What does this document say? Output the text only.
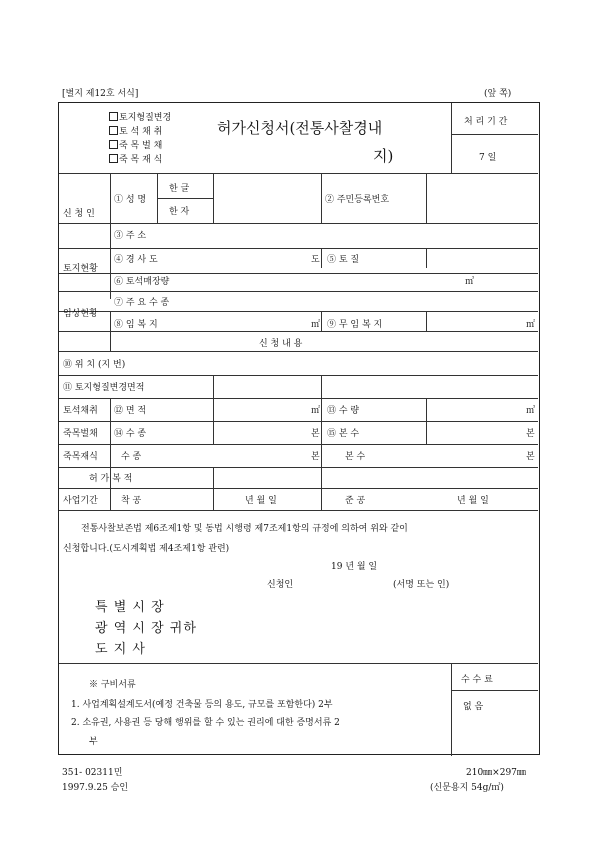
[별지 제12호 서식]	(앞 쪽)
토지형질변경
토 석 채 취
죽 목 벌 채
죽 목 재 식
허가신청서(전통사찰경내
지)
처 리 기 간
7 일
신 청 인
① 성 명
한 글
한 자
② 주민등록번호
③ 주 소
토지현황
④ 경 사 도	도 ⑤ 토 질
⑥ 토석매장량	㎥
임상현황
⑦ 주 요 수 종
⑧ 임 복 지	㎡ ⑨ 무 임 복 지	㎡
신 청 내 용
⑩ 위 치 (지 번)
⑪ 토지형질변경면적
토석채취 ⑫ 면 적	㎡ ⑬ 수 량	㎥
죽목벌채 ⑭ 수 종	본 ⑮ 본 수	본
죽목재식	수 종	본	본 수	본
허 가 복 적
사업기간	착 공	년 월 일	준 공	년 월 일
전통사찰보존법 제6조제1항 및 동법 시행령 제7조제1항의 규정에 의하여 위와 같이
신청합니다.(도시계획법 제4조제1항 관련)
19 년 월 일
신청인	(서명 또는 인)
특 별 시 장
광 역 시 장 귀하
도 지 사
※ 구비서류
1. 사업계획설계도서(예정 건축물 등의 용도, 규모를 포함한다) 2부
2. 소유권, 사용권 등 당해 행위를 할 수 있는 권리에 대한 증명서류 2
부
수 수 료
없 음
351- 02311민
1997.9.25 승인
210㎜×297㎜
(신문용지 54g/㎡)
